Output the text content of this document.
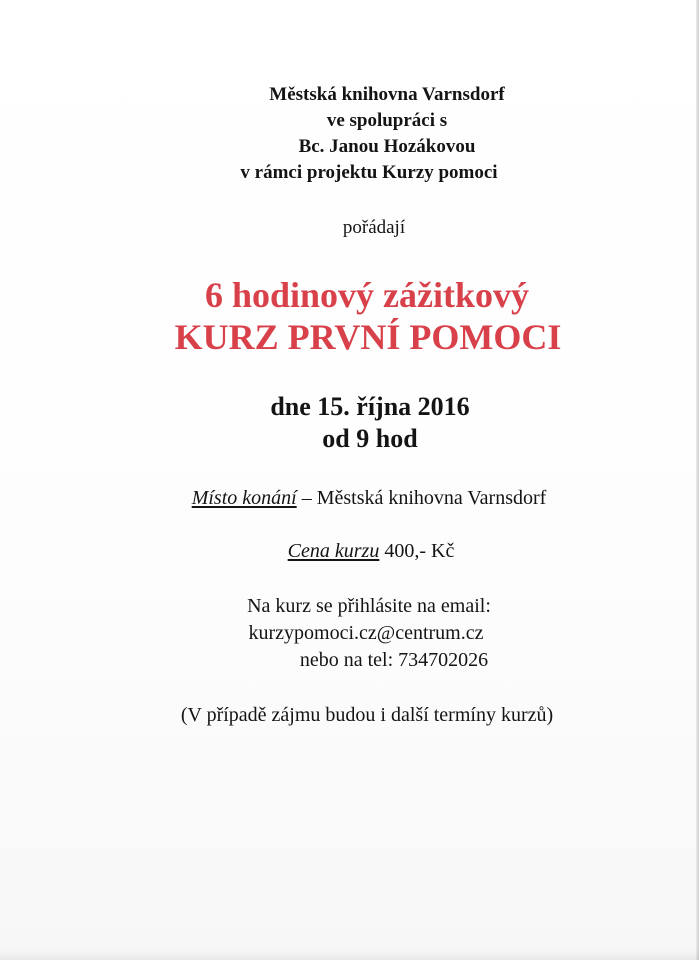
Městská knihovna Varnsdorf
ve spolupráci s
Bc. Janou Hozákovou
v rámci projektu Kurzy pomoci
pořádají
6 hodinový zážitkový
KURZ PRVNÍ POMOCI
dne 15. října 2016
od 9 hod
Místo konání – Městská knihovna Varnsdorf
Cena kurzu 400,- Kč
Na kurz se přihlásite na email:
kurzypomoci.cz@centrum.cz
nebo na tel: 734702026
(V případě zájmu budou i další termíny kurzů)
